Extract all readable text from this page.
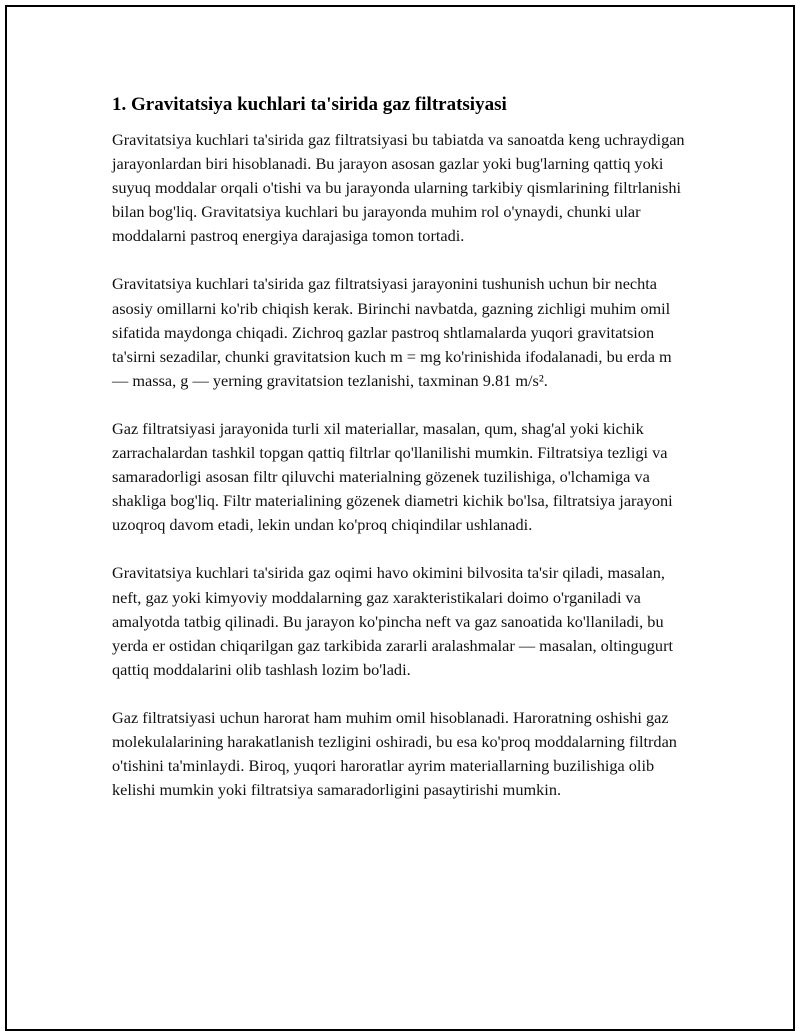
1. Gravitatsiya kuchlari ta'sirida gaz filtratsiyasi

Gravitatsiya kuchlari ta'sirida gaz filtratsiyasi bu tabiatda va sanoatda keng uchraydigan jarayonlardan biri hisoblanadi. Bu jarayon asosan gazlar yoki bug'larning qattiq yoki suyuq moddalar orqali o'tishi va bu jarayonda ularning tarkibiy qismlarining filtrlanishi bilan bog'liq. Gravitatsiya kuchlari bu jarayonda muhim rol o'ynaydi, chunki ular moddalarni pastroq energiya darajasiga tomon tortadi.

Gravitatsiya kuchlari ta'sirida gaz filtratsiyasi jarayonini tushunish uchun bir nechta asosiy omillarni ko'rib chiqish kerak. Birinchi navbatda, gazning zichligi muhim omil sifatida maydonga chiqadi. Zichroq gazlar pastroq shtlamalarda yuqori gravitatsion ta'sirni sezadilar, chunki gravitatsion kuch m = mg ko'rinishida ifodalanadi, bu erda m — massa, g — yerning gravitatsion tezlanishi, taxminan 9.81 m/s².

Gaz filtratsiyasi jarayonida turli xil materiallar, masalan, qum, shag'al yoki kichik zarrachalardan tashkil topgan qattiq filtrlar qo'llanilishi mumkin. Filtratsiya tezligi va samaradorligi asosan filtr qiluvchi materialning gözenek tuzilishiga, o'lchamiga va shakliga bog'liq. Filtr materialining gözenek diametri kichik bo'lsa, filtratsiya jarayoni uzoqroq davom etadi, lekin undan ko'proq chiqindilar ushlanadi.

Gravitatsiya kuchlari ta'sirida gaz oqimi havo okimini bilvosita ta'sir qiladi, masalan, neft, gaz yoki kimyoviy moddalarning gaz xarakteristikalari doimo o'rganiladi va amalyotda tatbig qilinadi. Bu jarayon ko'pincha neft va gaz sanoatida ko'llaniladi, bu yerda er ostidan chiqarilgan gaz tarkibida zararli aralashmalar — masalan, oltingugurt qattiq moddalarini olib tashlash lozim bo'ladi.

Gaz filtratsiyasi uchun harorat ham muhim omil hisoblanadi. Haroratning oshishi gaz molekulalarining harakatlanish tezligini oshiradi, bu esa ko'proq moddalarning filtrdan o'tishini ta'minlaydi. Biroq, yuqori haroratlar ayrim materiallarning buzilishiga olib kelishi mumkin yoki filtratsiya samaradorligini pasaytirishi mumkin.
